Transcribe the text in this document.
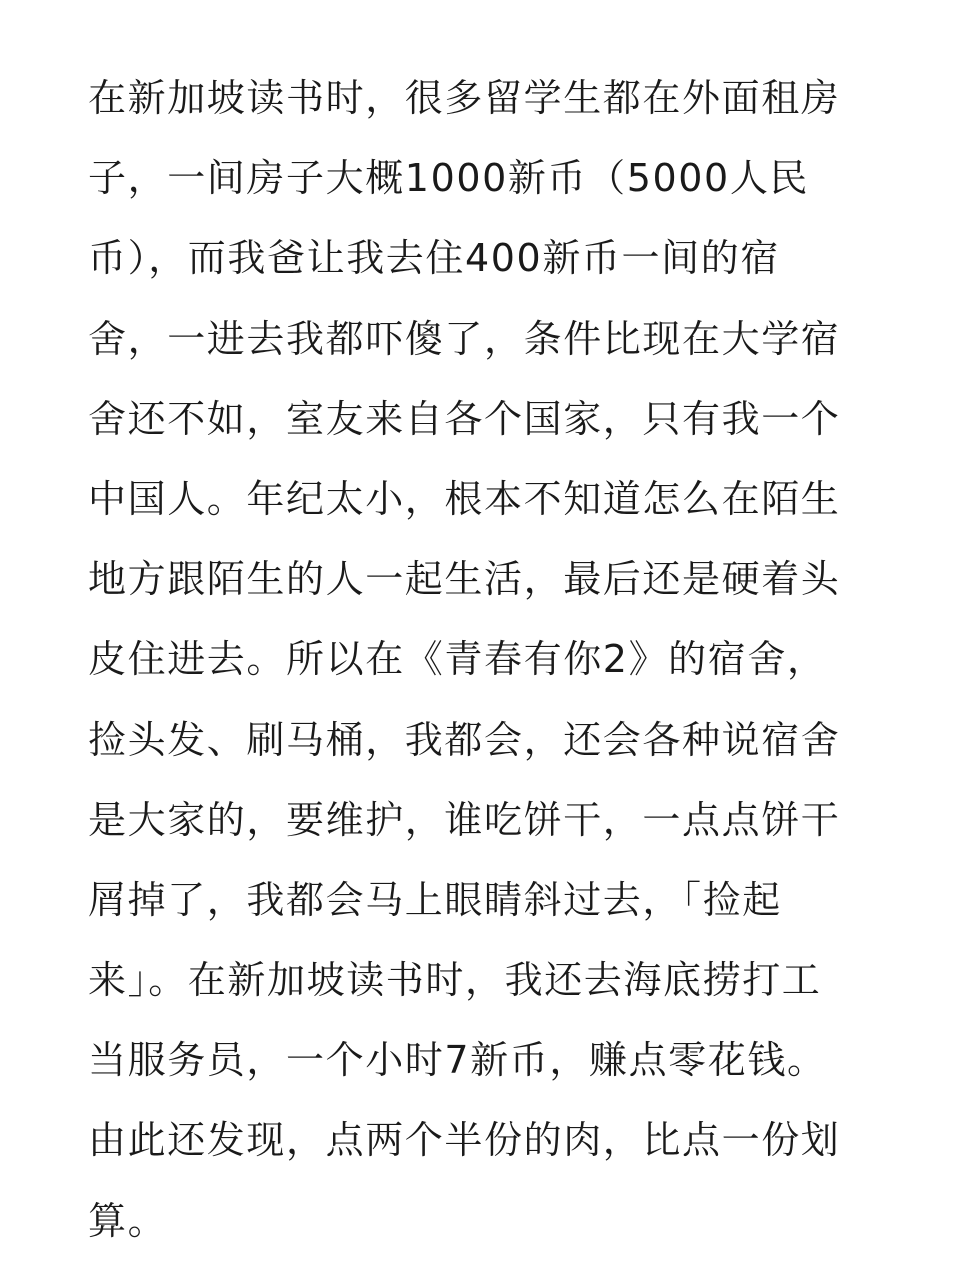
在新加坡读书时，很多留学生都在外面租房
子，一间房子大概1000新币（5000人民
币），而我爸让我去住400新币一间的宿
舍，一进去我都吓傻了，条件比现在大学宿
舍还不如，室友来自各个国家，只有我一个
中国人。年纪太小，根本不知道怎么在陌生
地方跟陌生的人一起生活，最后还是硬着头
皮住进去。所以在《青春有你2》的宿舍，
捡头发、刷马桶，我都会，还会各种说宿舍
是大家的，要维护，谁吃饼干，一点点饼干
屑掉了，我都会马上眼睛斜过去，「捡起
来」。在新加坡读书时，我还去海底捞打工
当服务员，一个小时7新币，赚点零花钱。
由此还发现，点两个半份的肉，比点一份划
算。
